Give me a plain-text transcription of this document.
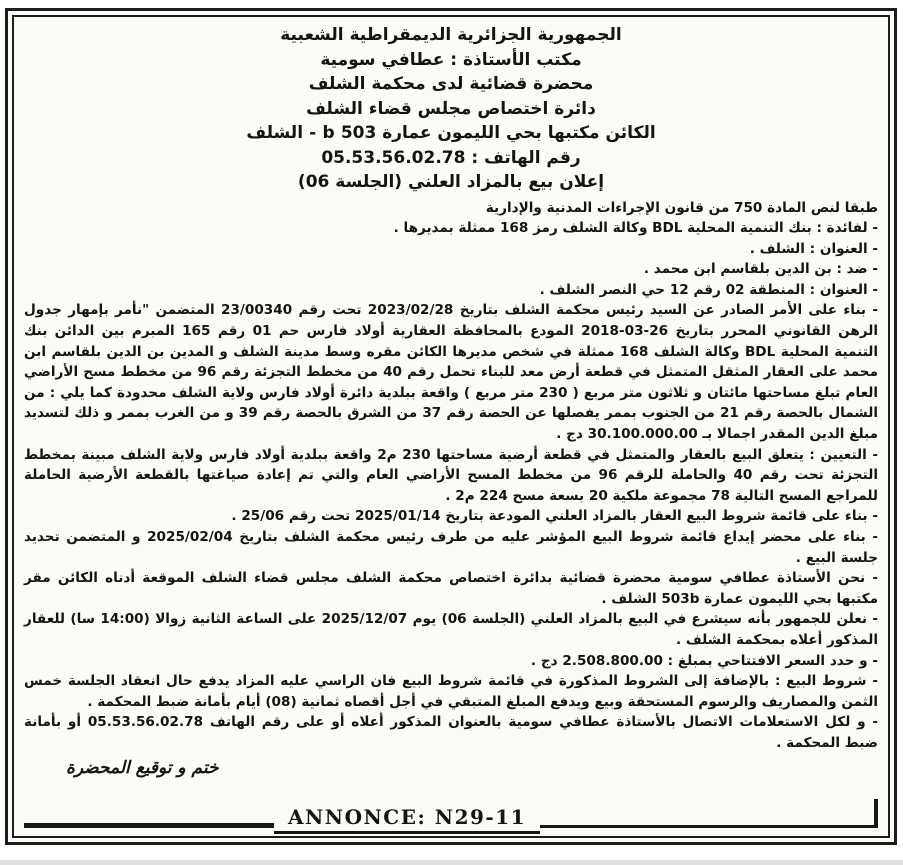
الجمهورية الجزائرية الديمقراطية الشعبية
مكتب الأستاذة : عطافي سومية
محضرة قضائية لدى محكمة الشلف
دائرة اختصاص مجلس قضاء الشلف
الكائن مكتبها بحي الليمون عمارة 503 b - الشلف
رقم الهاتف : 05.53.56.02.78
إعلان بيع بالمزاد العلني (الجلسة 06)

طبقا لنص المادة 750 من قانون الإجراءات المدنية والإدارية

- لفائدة : بنك التنمية المحلية BDL وكالة الشلف رمز 168 ممثلة بمديرها .

- العنوان : الشلف .

- ضد : بن الدين بلقاسم ابن محمد .

- العنوان : المنطقة 02 رقم 12 حي النصر الشلف .

- بناء على الأمر الصادر عن السيد رئيس محكمة الشلف بتاريخ 2023/02/28 تحت رقم 23/00340 المتضمن "نأمر بإمهار جدول الرهن القانوني المحرر بتاريخ 26-03-2018 المودع بالمحافظة العقارية أولاد فارس حم 01 رقم 165 المبرم بين الدائن بنك التنمية المحلية BDL وكالة الشلف 168 ممثلة في شخص مديرها الكائن مقره وسط مدينة الشلف و المدين بن الدين بلقاسم ابن محمد على العقار المثقل المتمثل في قطعة أرض معد للبناء تحمل رقم 40 من مخطط التجزئة رقم 96 من مخطط مسح الأراضي العام تبلغ مساحتها مائتان و ثلاثون متر مربع ( 230 متر مربع ) واقعة ببلدية دائرة أولاد فارس ولاية الشلف محدودة كما يلي : من الشمال بالحصة رقم 21 من الجنوب بممر يفصلها عن الحصة رقم 37 من الشرق بالحصة رقم 39 و من الغرب بممر و ذلك لتسديد مبلغ الدين المقدر اجمالا بـ 30.100.000.00 دج .

- التعيين : يتعلق البيع بالعقار والمتمثل في قطعة أرضية مساحتها 230 م2 واقعة ببلدية أولاد فارس ولاية الشلف مبينة بمخطط التجزئة تحت رقم 40 والحاملة للرقم 96 من مخطط المسح الأراضي العام والتي تم إعادة صياغتها بالقطعة الأرضية الحاملة للمراجع المسح التالية 78 مجموعة ملكية 20 بسعة مسح 224 م2 .

- بناء على قائمة شروط البيع العقار بالمزاد العلني المودعة بتاريخ 2025/01/14 تحت رقم 25/06 .

- بناء على محضر إيداع قائمة شروط البيع المؤشر عليه من طرف رئيس محكمة الشلف بتاريخ 2025/02/04 و المتضمن تحديد جلسة البيع .

- نحن الأستاذة عطافي سومية محضرة قضائية بدائرة اختصاص محكمة الشلف مجلس قضاء الشلف الموقعة أدناه الكائن مقر مكتبها بحي الليمون عمارة 503b الشلف .

- نعلن للجمهور بأنه سيشرع في البيع بالمزاد العلني (الجلسة 06) يوم 2025/12/07 على الساعة الثانية زوالا (14:00 سا) للعقار المذكور أعلاه بمحكمة الشلف .

- و حدد السعر الافتتاحي بمبلغ : 2.508.800.00 دج .

- شروط البيع : بالإضافة إلى الشروط المذكورة في قائمة شروط البيع فان الراسي عليه المزاد يدفع حال انعقاد الجلسة خمس الثمن والمصاريف والرسوم المستحقة وبيع ويدفع المبلغ المتبقي في أجل أقصاه ثمانية (08) أيام بأمانة ضبط المحكمة .

- و لكل الاستعلامات الاتصال بالأستاذة عطافي سومية بالعنوان المذكور أعلاه أو على رقم الهاتف 05.53.56.02.78 أو بأمانة ضبط المحكمة .

ختم و توقيع المحضرة
ANNONCE: N29-11
